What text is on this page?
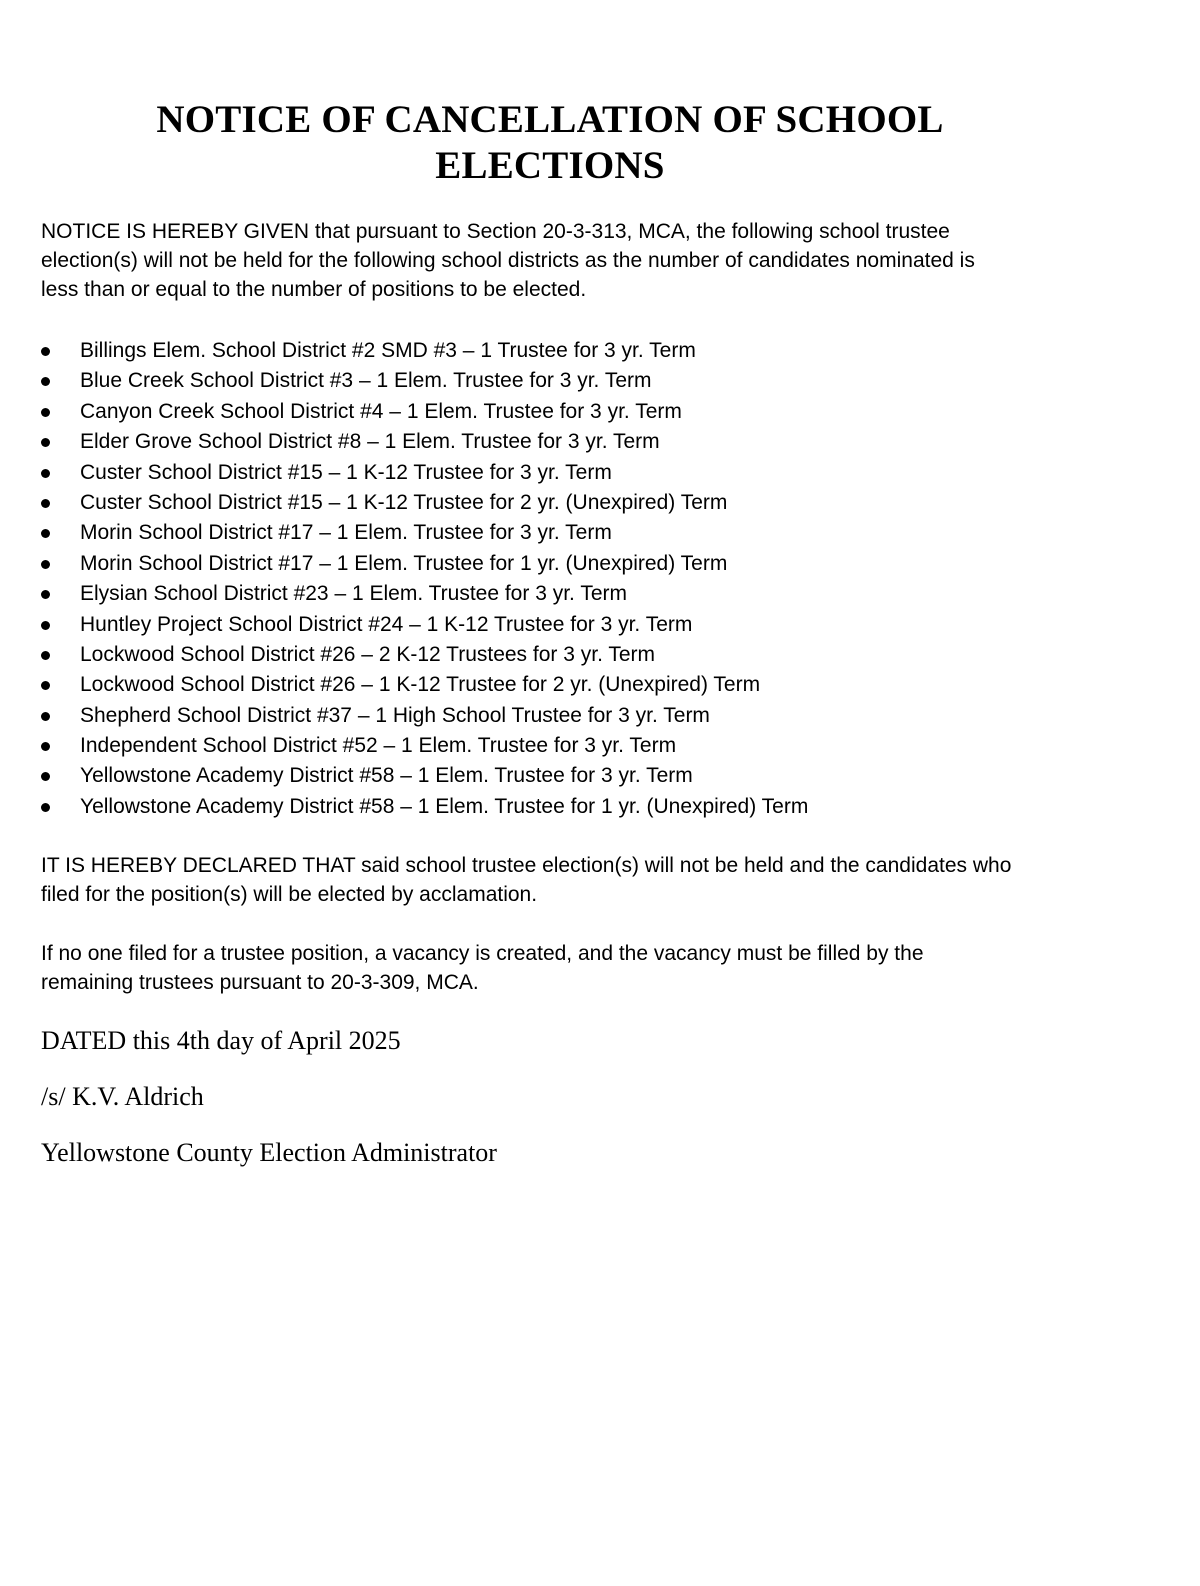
NOTICE OF CANCELLATION OF SCHOOL
ELECTIONS

NOTICE IS HEREBY GIVEN that pursuant to Section 20-3-313, MCA, the following school trustee
election(s) will not be held for the following school districts as the number of candidates nominated is
less than or equal to the number of positions to be elected.

Billings Elem. School District #2 SMD #3 – 1 Trustee for 3 yr. Term
Blue Creek School District #3 – 1 Elem. Trustee for 3 yr. Term
Canyon Creek School District #4 – 1 Elem. Trustee for 3 yr. Term
Elder Grove School District #8 – 1 Elem. Trustee for 3 yr. Term
Custer School District #15 – 1 K-12 Trustee for 3 yr. Term
Custer School District #15 – 1 K-12 Trustee for 2 yr. (Unexpired) Term
Morin School District #17 – 1 Elem. Trustee for 3 yr. Term
Morin School District #17 – 1 Elem. Trustee for 1 yr. (Unexpired) Term
Elysian School District #23 – 1 Elem. Trustee for 3 yr. Term
Huntley Project School District #24 – 1 K-12 Trustee for 3 yr. Term
Lockwood School District #26 – 2 K-12 Trustees for 3 yr. Term
Lockwood School District #26 – 1 K-12 Trustee for 2 yr. (Unexpired) Term
Shepherd School District #37 – 1 High School Trustee for 3 yr. Term
Independent School District #52 – 1 Elem. Trustee for 3 yr. Term
Yellowstone Academy District #58 – 1 Elem. Trustee for 3 yr. Term
Yellowstone Academy District #58 – 1 Elem. Trustee for 1 yr. (Unexpired) Term

IT IS HEREBY DECLARED THAT said school trustee election(s) will not be held and the candidates who
filed for the position(s) will be elected by acclamation.

If no one filed for a trustee position, a vacancy is created, and the vacancy must be filled by the
remaining trustees pursuant to 20-3-309, MCA.

DATED this 4th day of April 2025

/s/ K.V. Aldrich

Yellowstone County Election Administrator
